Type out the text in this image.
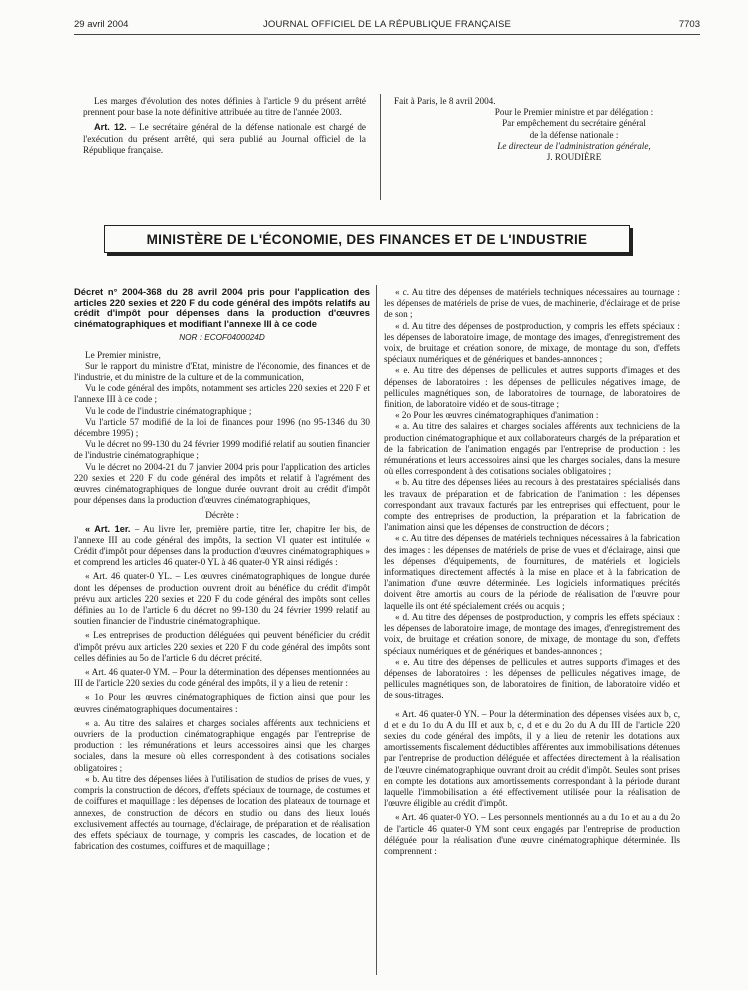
29 avril 2004	JOURNAL OFFICIEL DE LA RÉPUBLIQUE FRANÇAISE	7703

Les marges d'évolution des notes définies à l'article 9 du présent arrêté prennent pour base la note définitive attribuée au titre de l'année 2003.

Art. 12. – Le secrétaire général de la défense nationale est chargé de l'exécution du présent arrêté, qui sera publié au Journal officiel de la République française.

Fait à Paris, le 8 avril 2004.
Pour le Premier ministre et par délégation :
Par empêchement du secrétaire général
de la défense nationale :
Le directeur de l'administration générale,
J. ROUDIÈRE
MINISTÈRE DE L'ÉCONOMIE, DES FINANCES ET DE L'INDUSTRIE

Décret n° 2004-368 du 28 avril 2004 pris pour l'application des articles 220 sexies et 220 F du code général des impôts relatifs au crédit d'impôt pour dépenses dans la production d'œuvres cinématographiques et modifiant l'annexe III à ce code

NOR : ECOF0400024D

Le Premier ministre,

Sur le rapport du ministre d'Etat, ministre de l'économie, des finances et de l'industrie, et du ministre de la culture et de la communication,

Vu le code général des impôts, notamment ses articles 220 sexies et 220 F et l'annexe III à ce code ;

Vu le code de l'industrie cinématographique ;

Vu l'article 57 modifié de la loi de finances pour 1996 (no 95-1346 du 30 décembre 1995) ;

Vu le décret no 99-130 du 24 février 1999 modifié relatif au soutien financier de l'industrie cinématographique ;

Vu le décret no 2004-21 du 7 janvier 2004 pris pour l'application des articles 220 sexies et 220 F du code général des impôts et relatif à l'agrément des œuvres cinématographiques de longue durée ouvrant droit au crédit d'impôt pour dépenses dans la production d'œuvres cinématographiques,

Décrète :

« Art. 1er. – Au livre Ier, première partie, titre Ier, chapitre Ier bis, de l'annexe III au code général des impôts, la section VI quater est intitulée « Crédit d'impôt pour dépenses dans la production d'œuvres cinématographiques » et comprend les articles 46 quater-0 YL à 46 quater-0 YR ainsi rédigés :

« Art. 46 quater-0 YL. – Les œuvres cinématographiques de longue durée dont les dépenses de production ouvrent droit au bénéfice du crédit d'impôt prévu aux articles 220 sexies et 220 F du code général des impôts sont celles définies au 1o de l'article 6 du décret no 99-130 du 24 février 1999 relatif au soutien financier de l'industrie cinématographique.

« Les entreprises de production déléguées qui peuvent bénéficier du crédit d'impôt prévu aux articles 220 sexies et 220 F du code général des impôts sont celles définies au 5o de l'article 6 du décret précité.

« Art. 46 quater-0 YM. – Pour la détermination des dépenses mentionnées au III de l'article 220 sexies du code général des impôts, il y a lieu de retenir :

« 1o Pour les œuvres cinématographiques de fiction ainsi que pour les œuvres cinématographiques documentaires :

« a. Au titre des salaires et charges sociales afférents aux techniciens et ouvriers de la production cinématographique engagés par l'entreprise de production : les rémunérations et leurs accessoires ainsi que les charges sociales, dans la mesure où elles correspondent à des cotisations sociales obligatoires ;

« b. Au titre des dépenses liées à l'utilisation de studios de prises de vues, y compris la construction de décors, d'effets spéciaux de tournage, de costumes et de coiffures et maquillage : les dépenses de location des plateaux de tournage et annexes, de construction de décors en studio ou dans des lieux loués exclusivement affectés au tournage, d'éclairage, de préparation et de réalisation des effets spéciaux de tournage, y compris les cascades, de location et de fabrication des costumes, coiffures et de maquillage ;

« c. Au titre des dépenses de matériels techniques nécessaires au tournage : les dépenses de matériels de prise de vues, de machinerie, d'éclairage et de prise de son ;

« d. Au titre des dépenses de postproduction, y compris les effets spéciaux : les dépenses de laboratoire image, de montage des images, d'enregistrement des voix, de bruitage et création sonore, de mixage, de montage du son, d'effets spéciaux numériques et de génériques et bandes-annonces ;

« e. Au titre des dépenses de pellicules et autres supports d'images et des dépenses de laboratoires : les dépenses de pellicules négatives image, de pellicules magnétiques son, de laboratoires de tournage, de laboratoires de finition, de laboratoire vidéo et de sous-titrage ;

« 2o Pour les œuvres cinématographiques d'animation :

« a. Au titre des salaires et charges sociales afférents aux techniciens de la production cinématographique et aux collaborateurs chargés de la préparation et de la fabrication de l'animation engagés par l'entreprise de production : les rémunérations et leurs accessoires ainsi que les charges sociales, dans la mesure où elles correspondent à des cotisations sociales obligatoires ;

« b. Au titre des dépenses liées au recours à des prestataires spécialisés dans les travaux de préparation et de fabrication de l'animation : les dépenses correspondant aux travaux facturés par les entreprises qui effectuent, pour le compte des entreprises de production, la préparation et la fabrication de l'animation ainsi que les dépenses de construction de décors ;

« c. Au titre des dépenses de matériels techniques nécessaires à la fabrication des images : les dépenses de matériels de prise de vues et d'éclairage, ainsi que les dépenses d'équipements, de fournitures, de matériels et logiciels informatiques directement affectés à la mise en place et à la fabrication de l'animation d'une œuvre déterminée. Les logiciels informatiques précités doivent être amortis au cours de la période de réalisation de l'œuvre pour laquelle ils ont été spécialement créés ou acquis ;

« d. Au titre des dépenses de postproduction, y compris les effets spéciaux : les dépenses de laboratoire image, de montage des images, d'enregistrement des voix, de bruitage et création sonore, de mixage, de montage du son, d'effets spéciaux numériques et de génériques et bandes-annonces ;

« e. Au titre des dépenses de pellicules et autres supports d'images et des dépenses de laboratoires : les dépenses de pellicules négatives image, de pellicules magnétiques son, de laboratoires de finition, de laboratoire vidéo et de sous-titrages.

« Art. 46 quater-0 YN. – Pour la détermination des dépenses visées aux b, c, d et e du 1o du A du III et aux b, c, d et e du 2o du A du III de l'article 220 sexies du code général des impôts, il y a lieu de retenir les dotations aux amortissements fiscalement déductibles afférentes aux immobilisations détenues par l'entreprise de production déléguée et affectées directement à la réalisation de l'œuvre cinématographique ouvrant droit au crédit d'impôt. Seules sont prises en compte les dotations aux amortissements correspondant à la période durant laquelle l'immobilisation a été effectivement utilisée pour la réalisation de l'œuvre éligible au crédit d'impôt.

« Art. 46 quater-0 YO. – Les personnels mentionnés au a du 1o et au a du 2o de l'article 46 quater-0 YM sont ceux engagés par l'entreprise de production déléguée pour la réalisation d'une œuvre cinématographique déterminée. Ils comprennent :
